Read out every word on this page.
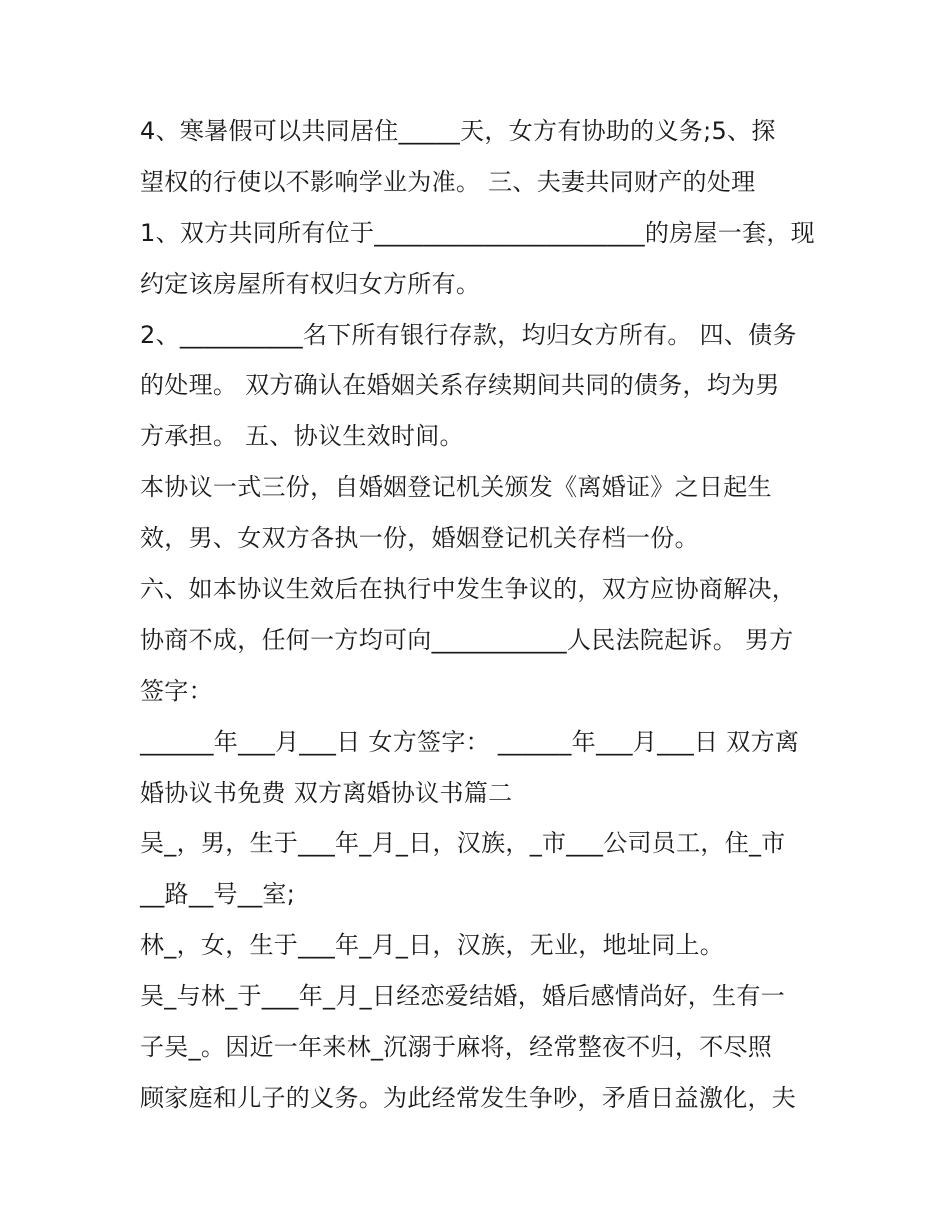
4、寒暑假可以共同居住_____天，女方有协助的义务;5、探
望权的行使以不影响学业为准。 三、夫妻共同财产的处理
1、双方共同所有位于______________________的房屋一套，现
约定该房屋所有权归女方所有。
2、__________名下所有银行存款，均归女方所有。 四、债务
的处理。 双方确认在婚姻关系存续期间共同的债务，均为男
方承担。 五、协议生效时间。
本协议一式三份，自婚姻登记机关颁发《离婚证》之日起生
效，男、女双方各执一份，婚姻登记机关存档一份。
六、如本协议生效后在执行中发生争议的，双方应协商解决，
协商不成，任何一方均可向___________人民法院起诉。 男方
签字：
______年___月___日 女方签字： ______年___月___日 双方离
婚协议书免费 双方离婚协议书篇二
吴_，男，生于___年_月_日，汉族，_市___公司员工，住_市
__路__号__室;
林_，女，生于___年_月_日，汉族，无业，地址同上。
吴_与林_于___年_月_日经恋爱结婚，婚后感情尚好，生有一
子吴_。因近一年来林_沉溺于麻将，经常整夜不归，不尽照
顾家庭和儿子的义务。为此经常发生争吵，矛盾日益激化，夫
